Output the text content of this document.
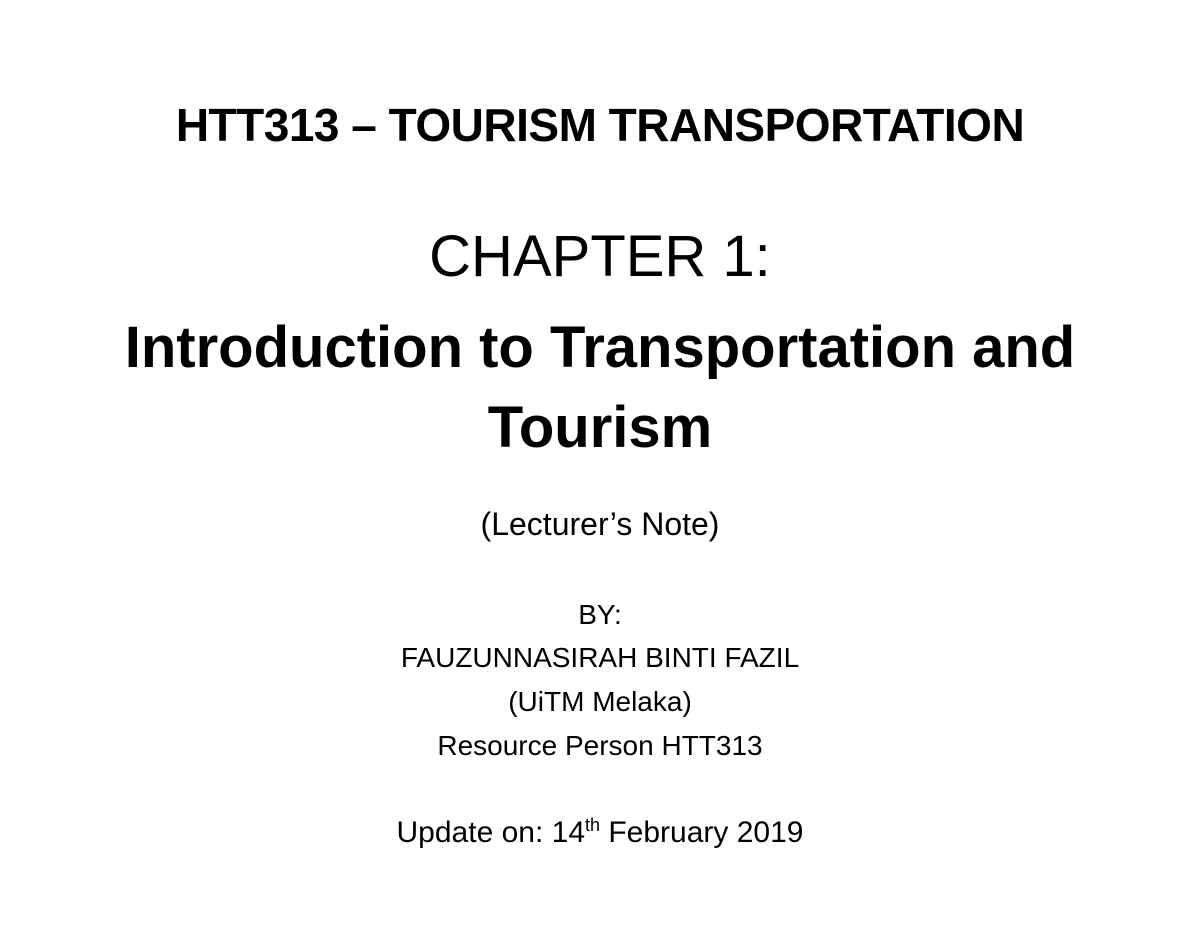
HTT313 – TOURISM TRANSPORTATION
CHAPTER 1:
Introduction to Transportation and
Tourism
(Lecturer’s Note)
BY:
FAUZUNNASIRAH BINTI FAZIL
(UiTM Melaka)
Resource Person HTT313
Update on: 14th February 2019
